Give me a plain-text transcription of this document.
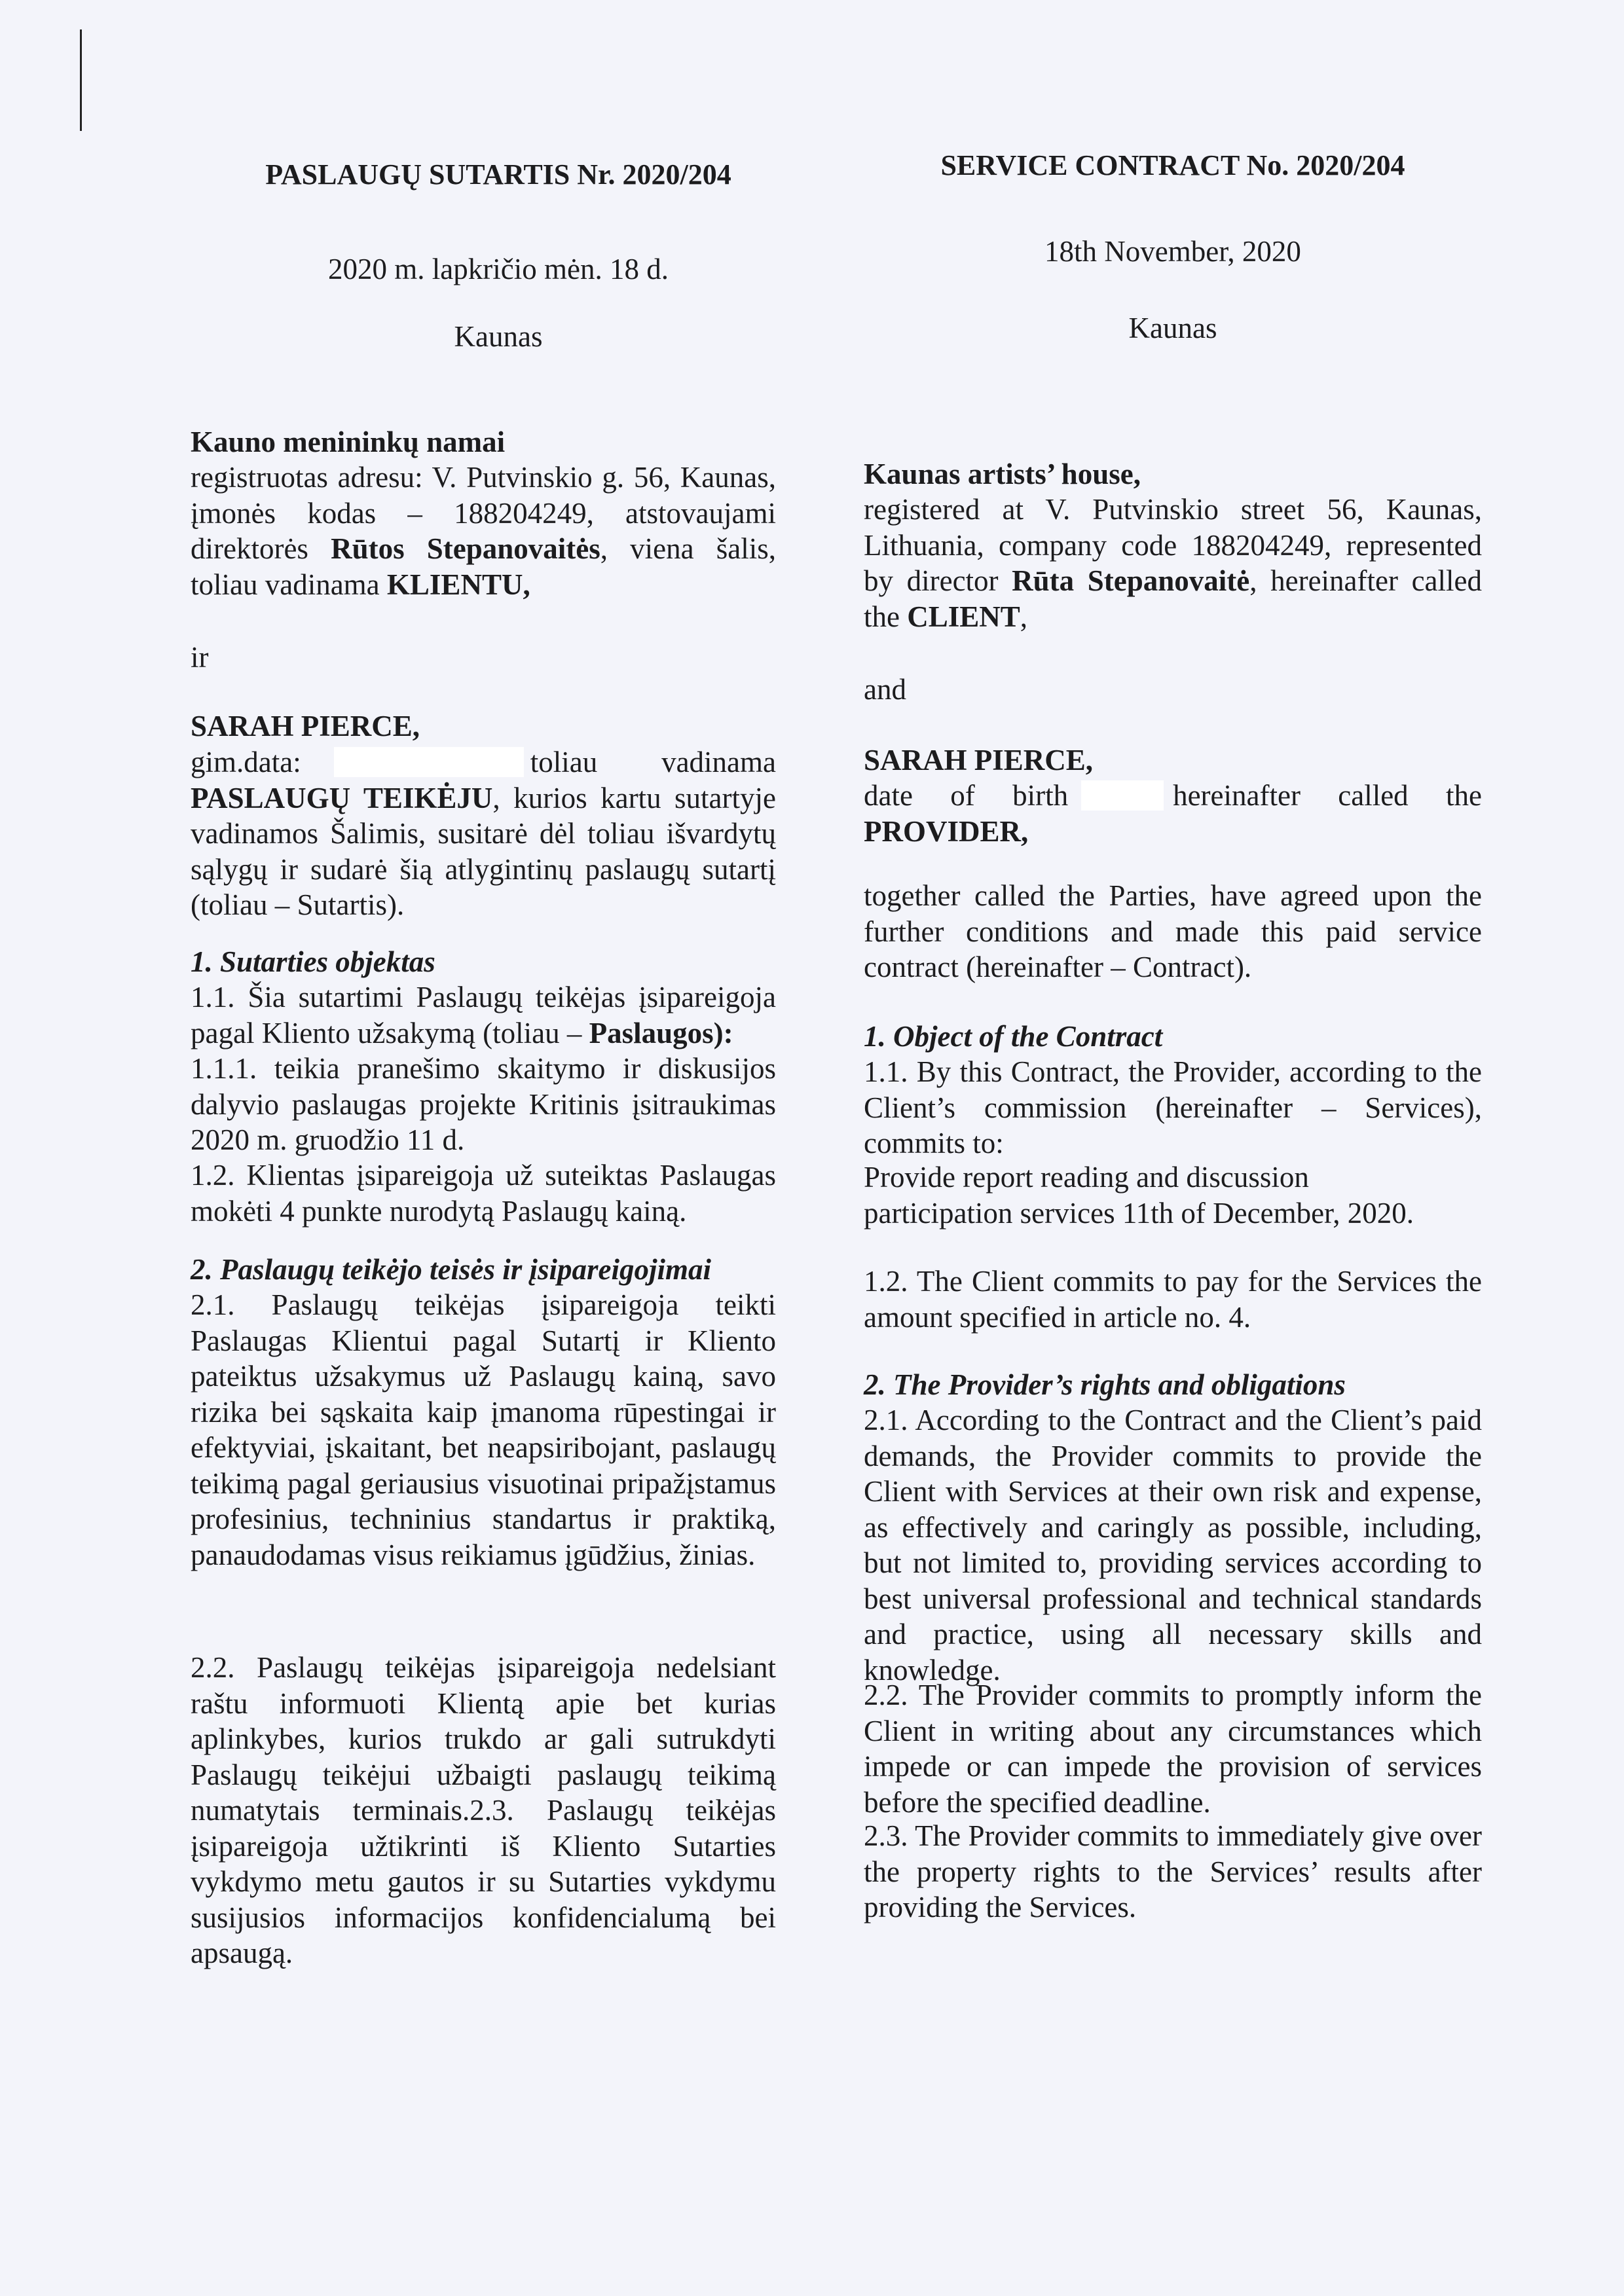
PASLAUGŲ SUTARTIS Nr. 2020/204
2020 m. lapkričio mėn. 18 d.
Kaunas
Kauno menininkų namai
registruotas adresu: V. Putvinskio g. 56, Kaunas, įmonės kodas – 188204249, atstovaujami direktorės Rūtos Stepanovaitės, viena šalis, toliau vadinama KLIENTU,
ir
SARAH PIERCE,
gim.data:	toliau vadinama PASLAUGŲ TEIKĖJU, kurios kartu sutartyje vadinamos Šalimis, susitarė dėl toliau išvardytų sąlygų ir sudarė šią atlygintinų paslaugų sutartį (toliau – Sutartis).
1. Sutarties objektas
1.1. Šia sutartimi Paslaugų teikėjas įsipareigoja pagal Kliento užsakymą (toliau – Paslaugos):
1.1.1. teikia pranešimo skaitymo ir diskusijos dalyvio paslaugas projekte Kritinis įsitraukimas 2020 m. gruodžio 11 d.
1.2. Klientas įsipareigoja už suteiktas Paslaugas mokėti 4 punkte nurodytą Paslaugų kainą.
2. Paslaugų teikėjo teisės ir įsipareigojimai
2.1. Paslaugų teikėjas įsipareigoja teikti Paslaugas Klientui pagal Sutartį ir Kliento pateiktus užsakymus už Paslaugų kainą, savo rizika bei sąskaita kaip įmanoma rūpestingai ir efektyviai, įskaitant, bet neapsiribojant, paslaugų teikimą pagal geriausius visuotinai pripažįstamus profesinius, techninius standartus ir praktiką, panaudodamas visus reikiamus įgūdžius, žinias.
2.2. Paslaugų teikėjas įsipareigoja nedelsiant raštu informuoti Klientą apie bet kurias aplinkybes, kurios trukdo ar gali sutrukdyti Paslaugų teikėjui užbaigti paslaugų teikimą numatytais terminais.2.3. Paslaugų teikėjas įsipareigoja užtikrinti iš Kliento Sutarties vykdymo metu gautos ir su Sutarties vykdymu susijusios informacijos konfidencialumą bei apsaugą.
SERVICE CONTRACT No. 2020/204
18th November, 2020
Kaunas
Kaunas artists’ house,
registered at V. Putvinskio street 56, Kaunas, Lithuania, company code 188204249, represented by director Rūta Stepanovaitė, hereinafter called the CLIENT,
and
SARAH PIERCE,
date of birth	hereinafter called the PROVIDER,
together called the Parties, have agreed upon the further conditions and made this paid service contract (hereinafter – Contract).
1. Object of the Contract
1.1. By this Contract, the Provider, according to the Client’s commission (hereinafter – Services), commits to:
Provide report reading and discussion participation services 11th of December, 2020.
1.2. The Client commits to pay for the Services the amount specified in article no. 4.
2. The Provider’s rights and obligations
2.1. According to the Contract and the Client’s paid demands, the Provider commits to provide the Client with Services at their own risk and expense, as effectively and caringly as possible, including, but not limited to, providing services according to best universal professional and technical standards and practice, using all necessary skills and knowledge.
2.2. The Provider commits to promptly inform the Client in writing about any circumstances which impede or can impede the provision of services before the specified deadline.
2.3. The Provider commits to immediately give over the property rights to the Services’ results after providing the Services.
